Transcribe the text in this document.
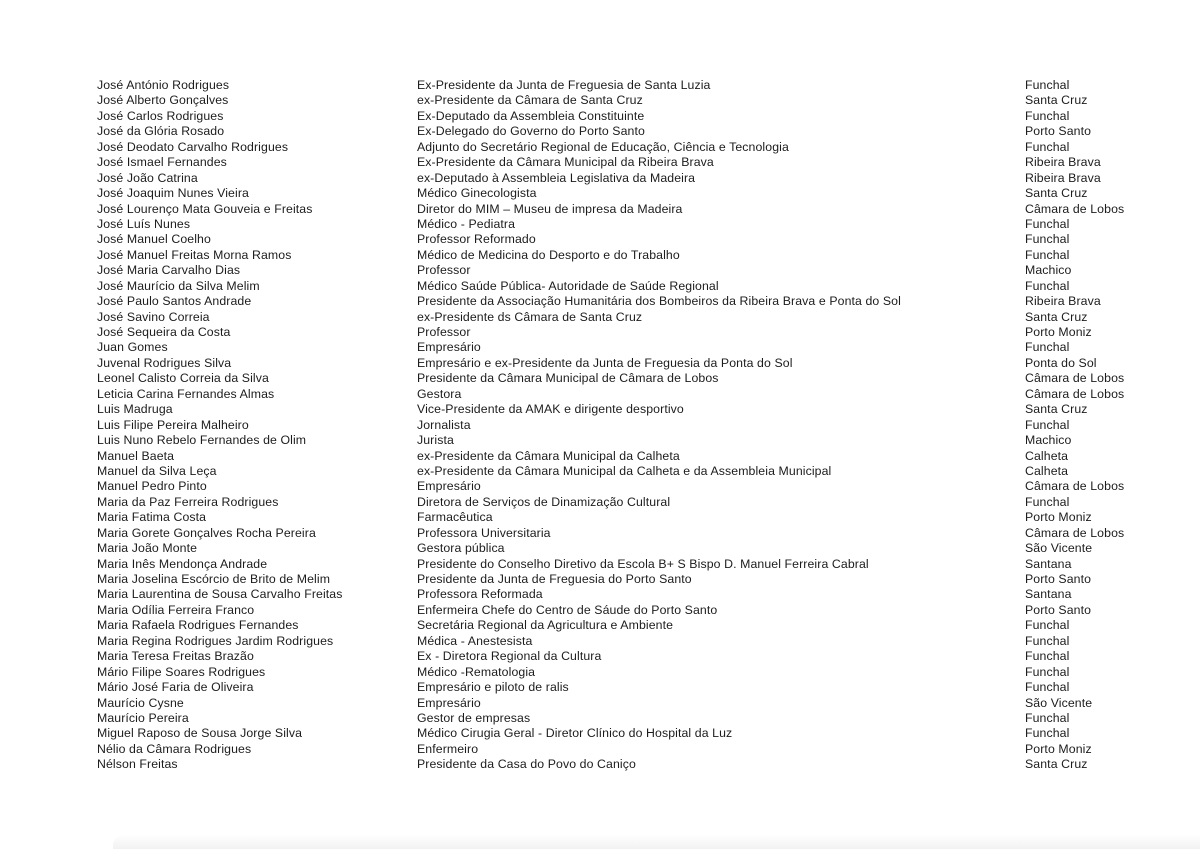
José António Rodrigues	Ex-Presidente da Junta de Freguesia de Santa Luzia	Funchal
José Alberto Gonçalves	ex-Presidente da Câmara de Santa Cruz	Santa Cruz
José Carlos Rodrigues	Ex-Deputado da Assembleia Constituinte	Funchal
José da Glória Rosado	Ex-Delegado do Governo do Porto Santo	Porto Santo
José Deodato Carvalho Rodrigues	Adjunto do Secretário Regional de Educação, Ciência e Tecnologia	Funchal
José Ismael Fernandes	Ex-Presidente da Câmara Municipal da Ribeira Brava	Ribeira Brava
José João Catrina	ex-Deputado à Assembleia Legislativa da Madeira	Ribeira Brava
José Joaquim Nunes Vieira	Médico Ginecologista	Santa Cruz
José Lourenço Mata Gouveia e Freitas	Diretor do MIM – Museu de impresa da Madeira	Câmara de Lobos
José Luís Nunes	Médico - Pediatra	Funchal
José Manuel Coelho	Professor Reformado	Funchal
José Manuel Freitas Morna Ramos	Médico de Medicina do Desporto e do Trabalho	Funchal
José Maria Carvalho Dias	Professor	Machico
José Maurício da Silva Melim	Médico Saúde Pública- Autoridade de Saúde Regional	Funchal
José Paulo Santos Andrade	Presidente da Associação Humanitária dos Bombeiros da Ribeira Brava e Ponta do Sol	Ribeira Brava
José Savino Correia	ex-Presidente ds Câmara de Santa Cruz	Santa Cruz
José Sequeira da Costa	Professor	Porto Moniz
Juan Gomes	Empresário	Funchal
Juvenal Rodrigues Silva	Empresário e ex-Presidente da Junta de Freguesia da Ponta do Sol	Ponta do Sol
Leonel Calisto Correia da Silva	Presidente da Câmara Municipal de Câmara de Lobos	Câmara de Lobos
Leticia Carina Fernandes Almas	Gestora	Câmara de Lobos
Luis Madruga	Vice-Presidente da AMAK e dirigente desportivo	Santa Cruz
Luis Filipe Pereira Malheiro	Jornalista	Funchal
Luis Nuno Rebelo Fernandes de Olim	Jurista	Machico
Manuel Baeta	ex-Presidente da Câmara Municipal da Calheta	Calheta
Manuel da Silva Leça	ex-Presidente da Câmara Municipal da Calheta e da Assembleia Municipal	Calheta
Manuel Pedro Pinto	Empresário	Câmara de Lobos
Maria da Paz Ferreira Rodrigues	Diretora de Serviços de Dinamização Cultural	Funchal
Maria Fatima Costa	Farmacêutica	Porto Moniz
Maria Gorete Gonçalves Rocha Pereira	Professora Universitaria	Câmara de Lobos
Maria João Monte	Gestora pública	São Vicente
Maria Inês Mendonça Andrade	Presidente do Conselho Diretivo da Escola B+ S Bispo D. Manuel Ferreira Cabral	Santana
Maria Joselina Escórcio de Brito de Melim	Presidente da Junta de Freguesia do Porto Santo	Porto Santo
Maria Laurentina de Sousa Carvalho Freitas	Professora Reformada	Santana
Maria Odília Ferreira Franco	Enfermeira Chefe do Centro de Sáude do Porto Santo	Porto Santo
Maria Rafaela Rodrigues Fernandes	Secretária Regional da Agricultura e Ambiente	Funchal
Maria Regina Rodrigues Jardim Rodrigues	Médica - Anestesista	Funchal
Maria Teresa Freitas Brazão	Ex - Diretora Regional da Cultura	Funchal
Mário Filipe Soares Rodrigues	Médico -Rematologia	Funchal
Mário José Faria de Oliveira	Empresário e piloto de ralis	Funchal
Maurício Cysne	Empresário	São Vicente
Maurício Pereira	Gestor de empresas	Funchal
Miguel Raposo de Sousa Jorge Silva	Médico Cirugia Geral - Diretor Clínico do Hospital da Luz	Funchal
Nélio da Câmara Rodrigues	Enfermeiro	Porto Moniz
Nélson Freitas	Presidente da Casa do Povo do Caniço	Santa Cruz
